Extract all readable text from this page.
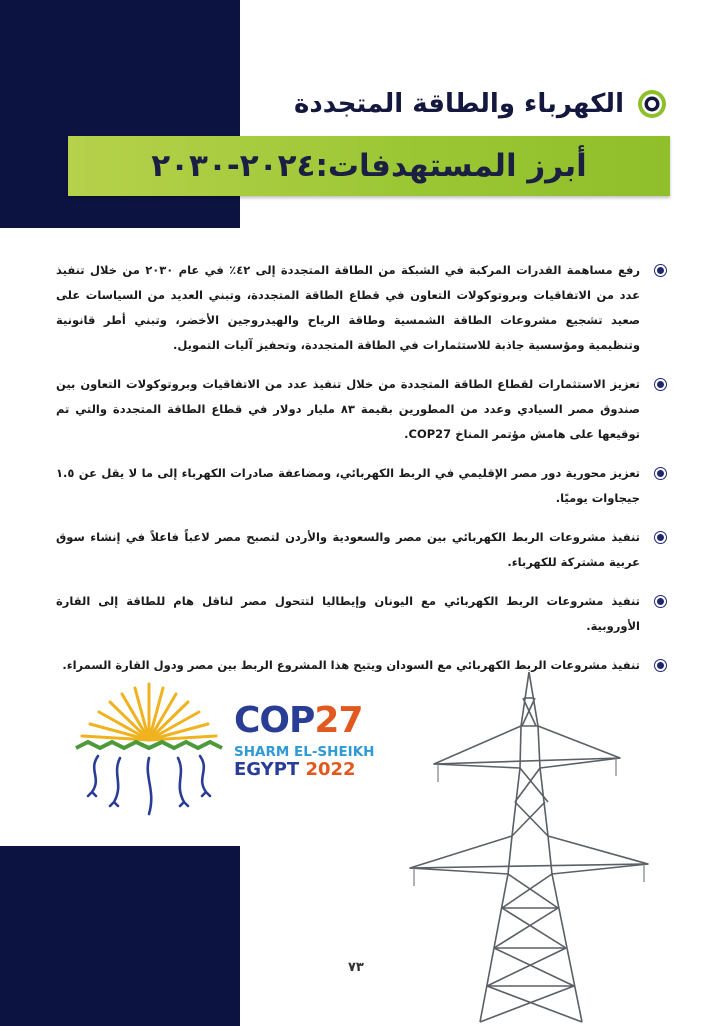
الكهرباء والطاقة المتجددة
أبرز المستهدفات:٢٠٢٤-٢٠٣٠
رفع مساهمة القدرات المركبة في الشبكة من الطاقة المتجددة إلى ٤٢٪ في عام ٢٠٣٠ من خلال تنفيذ عدد من الاتفاقيات وبروتوكولات التعاون في قطاع الطاقة المتجددة، وتبني العديد من السياسات على صعيد تشجيع مشروعات الطاقة الشمسية وطاقة الرياح والهيدروجين الأخضر، وتبني أطر قانونية وتنظيمية ومؤسسية جاذبة للاستثمارات في الطاقة المتجددة، وتحفيز آليات التمويل.
تعزيز الاستثمارات لقطاع الطاقة المتجددة من خلال تنفيذ عدد من الاتفاقيات وبروتوكولات التعاون بين صندوق مصر السيادي وعدد من المطورين بقيمة ٨٣ مليار دولار في قطاع الطاقة المتجددة والتي تم توقيعها على هامش مؤتمر المناخ COP27.
تعزيز محورية دور مصر الإقليمي في الربط الكهربائي، ومضاعفة صادرات الكهرباء إلى ما لا يقل عن ١.٥ جيجاوات يوميًا.
تنفيذ مشروعات الربط الكهربائي بين مصر والسعودية والأردن لتصبح مصر لاعباً فاعلاً في إنشاء سوق عربية مشتركة للكهرباء.
تنفيذ مشروعات الربط الكهربائي مع اليونان وإيطاليا لتتحول مصر لناقل هام للطاقة إلى القارة الأوروبية.
تنفيذ مشروعات الربط الكهربائي مع السودان ويتيح هذا المشروع الربط بين مصر ودول القارة السمراء.
COP27
SHARM EL-SHEIKH
EGYPT 2022
٧٣
